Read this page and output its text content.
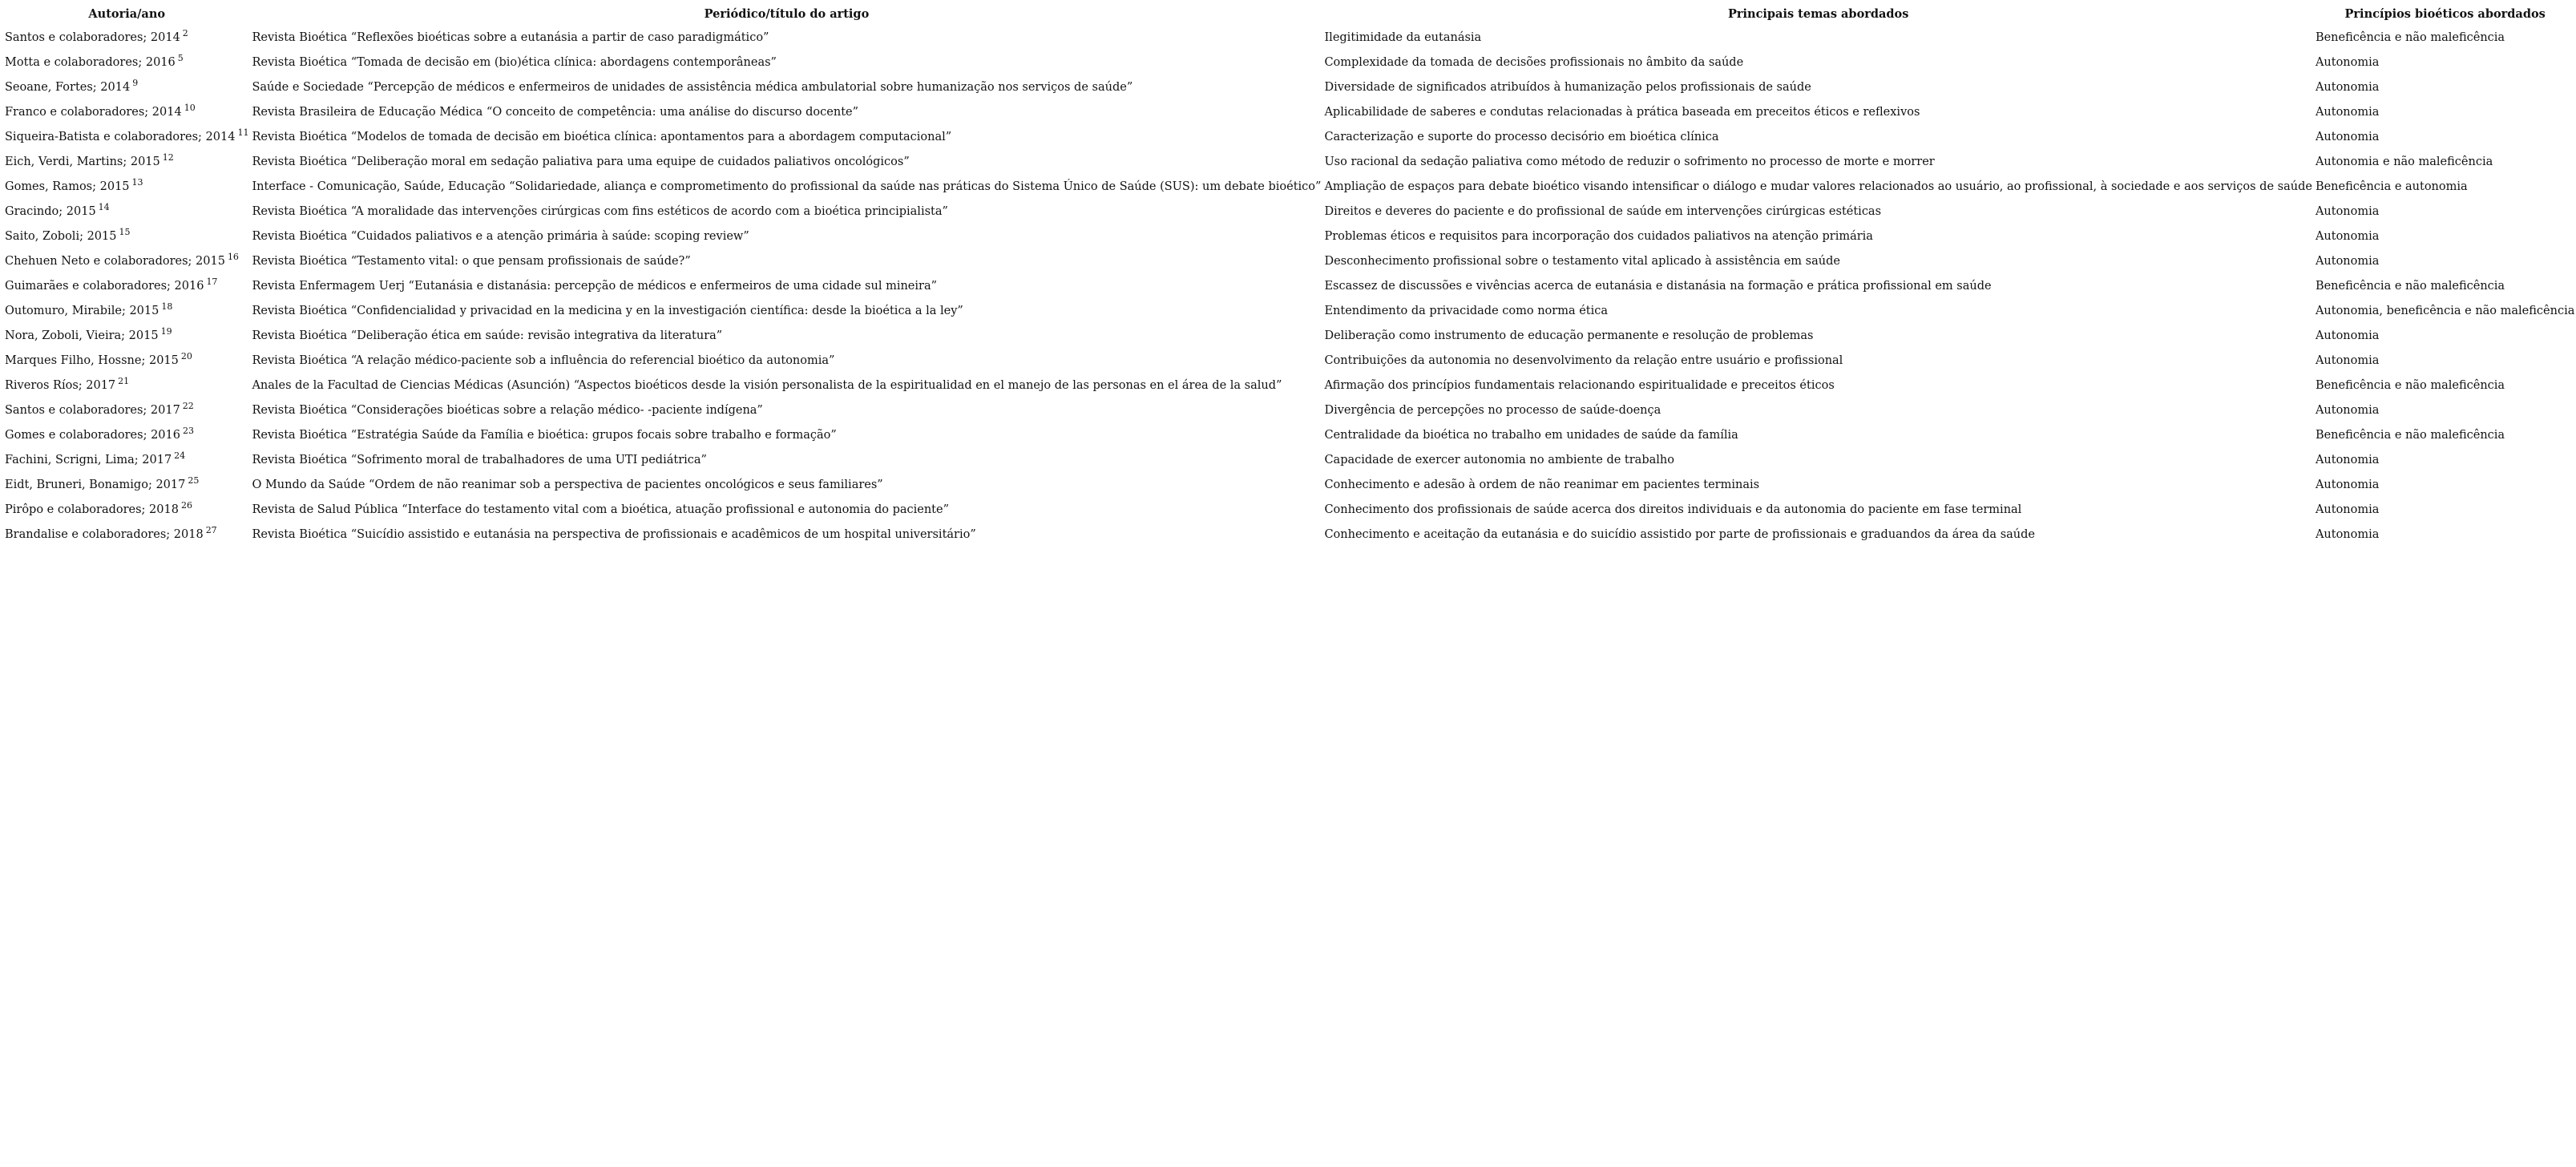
Autoria/ano	Periódico/título do artigo	Principais temas abordados	Princípios bioéticos abordados
Santos e colaboradores; 2014 $^2$	Revista Bioética “Reflexões bioéticas sobre a eutanásia a partir de caso paradigmático”	Ilegitimidade da eutanásia	Beneficência e não maleficência
Motta e colaboradores; 2016 $^5$	Revista Bioética “Tomada de decisão em (bio)ética clínica: abordagens contemporâneas”	Complexidade da tomada de decisões profissionais no âmbito da saúde	Autonomia
Seoane, Fortes; 2014 $^9$	Saúde e Sociedade “Percepção de médicos e enfermeiros de unidades de assistência médica ambulatorial sobre humanização nos serviços de saúde”	Diversidade de significados atribuídos à humanização pelos profissionais de saúde	Autonomia
Franco e colaboradores; 2014 $^{10}$	Revista Brasileira de Educação Médica “O conceito de competência: uma análise do discurso docente”	Aplicabilidade de saberes e condutas relacionadas à prática baseada em preceitos éticos e reflexivos	Autonomia
Siqueira-Batista e colaboradores; 2014 $^{11}$	Revista Bioética “Modelos de tomada de decisão em bioética clínica: apontamentos para a abordagem computacional”	Caracterização e suporte do processo decisório em bioética clínica	Autonomia
Eich, Verdi, Martins; 2015 $^{12}$	Revista Bioética “Deliberação moral em sedação paliativa para uma equipe de cuidados paliativos oncológicos”	Uso racional da sedação paliativa como método de reduzir o sofrimento no processo de morte e morrer	Autonomia e não maleficência
Gomes, Ramos; 2015 $^{13}$	Interface - Comunicação, Saúde, Educação “Solidariedade, aliança e comprometimento do profissional da saúde nas práticas do Sistema Único de Saúde (SUS): um debate bioético”	Ampliação de espaços para debate bioético visando intensificar o diálogo e mudar valores relacionados ao usuário, ao profissional, à sociedade e aos serviços de saúde	Beneficência e autonomia
Gracindo; 2015 $^{14}$	Revista Bioética “A moralidade das intervenções cirúrgicas com fins estéticos de acordo com a bioética principialista”	Direitos e deveres do paciente e do profissional de saúde em intervenções cirúrgicas estéticas	Autonomia
Saito, Zoboli; 2015 $^{15}$	Revista Bioética “Cuidados paliativos e a atenção primária à saúde: scoping review”	Problemas éticos e requisitos para incorporação dos cuidados paliativos na atenção primária	Autonomia
Chehuen Neto e colaboradores; 2015 $^{16}$	Revista Bioética “Testamento vital: o que pensam profissionais de saúde?”	Desconhecimento profissional sobre o testamento vital aplicado à assistência em saúde	Autonomia
Guimarães e colaboradores; 2016 $^{17}$	Revista Enfermagem Uerj “Eutanásia e distanásia: percepção de médicos e enfermeiros de uma cidade sul mineira”	Escassez de discussões e vivências acerca de eutanásia e distanásia na formação e prática profissional em saúde	Beneficência e não maleficência
Outomuro, Mirabile; 2015 $^{18}$	Revista Bioética “Confidencialidad y privacidad en la medicina y en la investigación científica: desde la bioética a la ley”	Entendimento da privacidade como norma ética	Autonomia, beneficência e não maleficência
Nora, Zoboli, Vieira; 2015 $^{19}$	Revista Bioética “Deliberação ética em saúde: revisão integrativa da literatura”	Deliberação como instrumento de educação permanente e resolução de problemas	Autonomia
Marques Filho, Hossne; 2015 $^{20}$	Revista Bioética “A relação médico-paciente sob a influência do referencial bioético da autonomia”	Contribuições da autonomia no desenvolvimento da relação entre usuário e profissional	Autonomia
Riveros Ríos; 2017 $^{21}$	Anales de la Facultad de Ciencias Médicas (Asunción) “Aspectos bioéticos desde la visión personalista de la espiritualidad en el manejo de las personas en el área de la salud”	Afirmação dos princípios fundamentais relacionando espiritualidade e preceitos éticos	Beneficência e não maleficência
Santos e colaboradores; 2017 $^{22}$	Revista Bioética “Considerações bioéticas sobre a relação médico- -paciente indígena”	Divergência de percepções no processo de saúde-doença	Autonomia
Gomes e colaboradores; 2016 $^{23}$	Revista Bioética “Estratégia Saúde da Família e bioética: grupos focais sobre trabalho e formação”	Centralidade da bioética no trabalho em unidades de saúde da família	Beneficência e não maleficência
Fachini, Scrigni, Lima; 2017 $^{24}$	Revista Bioética “Sofrimento moral de trabalhadores de uma UTI pediátrica”	Capacidade de exercer autonomia no ambiente de trabalho	Autonomia
Eidt, Bruneri, Bonamigo; 2017 $^{25}$	O Mundo da Saúde “Ordem de não reanimar sob a perspectiva de pacientes oncológicos e seus familiares”	Conhecimento e adesão à ordem de não reanimar em pacientes terminais	Autonomia
Pirôpo e colaboradores; 2018 $^{26}$	Revista de Salud Pública “Interface do testamento vital com a bioética, atuação profissional e autonomia do paciente”	Conhecimento dos profissionais de saúde acerca dos direitos individuais e da autonomia do paciente em fase terminal	Autonomia
Brandalise e colaboradores; 2018 $^{27}$	Revista Bioética “Suicídio assistido e eutanásia na perspectiva de profissionais e acadêmicos de um hospital universitário”	Conhecimento e aceitação da eutanásia e do suicídio assistido por parte de profissionais e graduandos da área da saúde	Autonomia
